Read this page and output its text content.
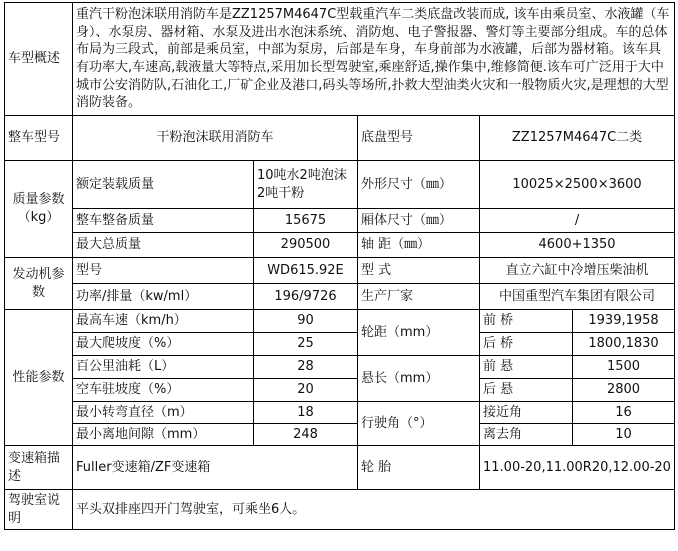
车型概述	重汽干粉泡沫联用消防车是ZZ1257M4647C型载重汽车二类底盘改装而成, 该车由乘员室、水液罐（车身）、水泵房、器材箱、水泵及进出水泡沫系统、消防炮、电子警报器、警灯等主要部分组成。车的总体布局为三段式，前部是乘员室，中部为泵房，后部是车身，车身前部为水液罐，后部为器材箱。该车具有功率大,车速高,载液量大等特点,采用加长型驾驶室,乘座舒适,操作集中,维修简便.该车可广泛用于大中城市公安消防队,石油化工,厂矿企业及港口,码头等场所,扑救大型油类火灾和一般物质火灾,是理想的大型消防装备。				
整车型号	干粉泡沫联用消防车		底盘型号	ZZ1257M4647C二类	
质量参数（kg）	额定装载质量	10吨水2吨泡沫2吨干粉	外形尺寸（㎜）	10025×2500×3600	
	整车整备质量	15675	厢体尺寸（㎜）	/	
	最大总质量	290500	轴 距（㎜）	4600+1350	
发动机参数	型号	WD615.92E	型 式	直立六缸中冷增压柴油机	
	功率/排量（kw/ml）	196/9726	生产厂家	中国重型汽车集团有限公司	
性能参数	最高车速（km/h）	90	轮距（mm）	前 桥	1939,1958
	最大爬坡度（%）	25		后 桥	1800,1830
	百公里油耗（L）	28	悬长（mm）	前 悬	1500
	空车驻坡度（%）	20		后 悬	2800
	最小转弯直径（m）	18	行驶角（°）	接近角	16
	最小离地间隙（mm）	248		离去角	10
变速箱描述	Fuller变速箱/ZF变速箱		轮 胎	11.00-20,11.00R20,12.00-20	
驾驶室说明	平头双排座四开门驾驶室，可乘坐6人。				
